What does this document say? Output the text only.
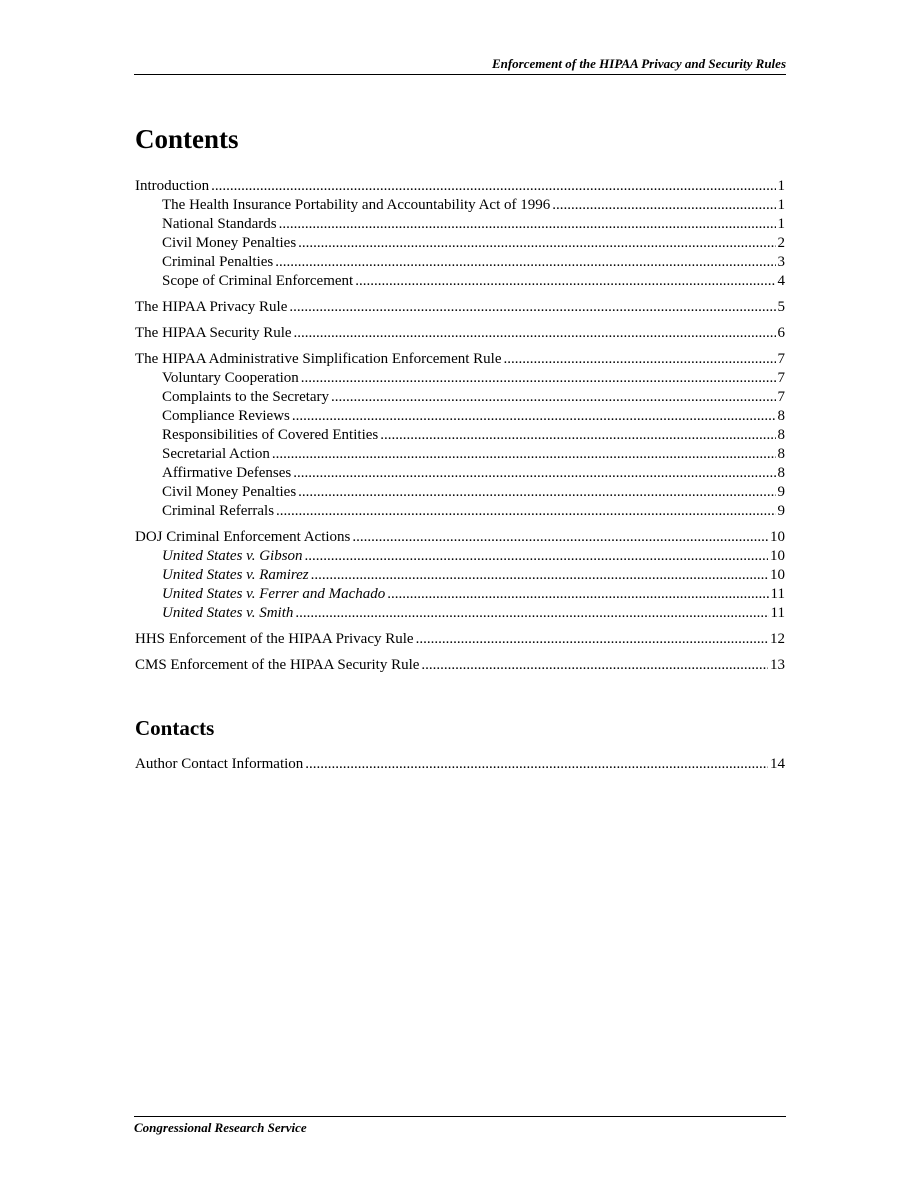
Enforcement of the HIPAA Privacy and Security Rules
Contents
Introduction .....	1
The Health Insurance Portability and Accountability Act of 1996 .....	1
National Standards .....	1
Civil Money Penalties .....	2
Criminal Penalties .....	3
Scope of Criminal Enforcement .....	4
The HIPAA Privacy Rule .....	5
The HIPAA Security Rule .....	6
The HIPAA Administrative Simplification Enforcement Rule .....	7
Voluntary Cooperation .....	7
Complaints to the Secretary .....	7
Compliance Reviews .....	8
Responsibilities of Covered Entities .....	8
Secretarial Action .....	8
Affirmative Defenses .....	8
Civil Money Penalties .....	9
Criminal Referrals .....	9
DOJ Criminal Enforcement Actions .....	10
United States v. Gibson .....	10
United States v. Ramirez .....	10
United States v. Ferrer and Machado .....	11
United States v. Smith .....	11
HHS Enforcement of the HIPAA Privacy Rule .....	12
CMS Enforcement of the HIPAA Security Rule .....	13
Contacts
Author Contact Information .....	14
Congressional Research Service
